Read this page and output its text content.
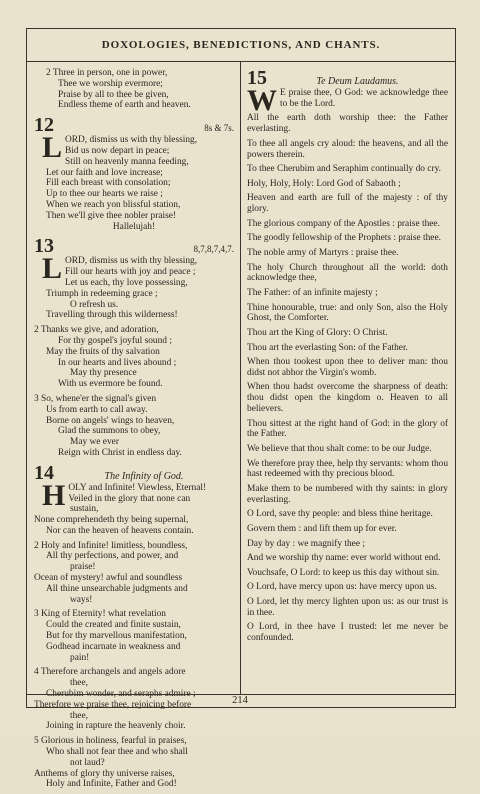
DOXOLOGIES, BENEDICTIONS, AND CHANTS.
2 Three in person, one in power,
Thee we worship evermore;
Praise by all to thee be given,
Endless theme of earth and heaven.
12	8s & 7s.
L ORD, dismiss us with thy blessing,
Bid us now depart in peace;
Still on heavenly manna feeding,
Let our faith and love increase;
Fill each breast with consolation;
Up to thee our hearts we raise ;
When we reach yon blissful station,
Then we'll give thee nobler praise!
Hallelujah!
13	8,7,8,7,4,7.
L ORD, dismiss us with thy blessing,
Fill our hearts with joy and peace ;
Let us each, thy love possessing,
Triumph in redeeming grace ;
O refresh us.
Travelling through this wilderness!
2 Thanks we give, and adoration,
For thy gospel's joyful sound ;
May the fruits of thy salvation
In our hearts and lives abound ;
May thy presence
With us evermore be found.
3 So, whene'er the signal's given
Us from earth to call away.
Borne on angels' wings to heaven,
Glad the summons to obey,
May we ever
Reign with Christ in endless day.
14	The Infinity of God.
H OLY and Infinite! Viewless, Eternal!
Veiled in the glory that none can
sustain,
None comprehendeth thy being supernal,
Nor can the heaven of heavens contain.
2 Holy and Infinite! limitless, boundless,
All thy perfections, and power, and
praise!
Ocean of mystery! awful and soundless
All thine unsearchable judgments and
ways!
3 King of Eternity! what revelation
Could the created and finite sustain,
But for thy marvellous manifestation,
Godhead incarnate in weakness and
pain!
4 Therefore archangels and angels adore
thee,
Cherubim wonder, and seraphs admire ;
Therefore we praise thee, rejoicing before
thee,
Joining in rapture the heavenly choir.
5 Glorious in holiness, fearful in praises,
Who shall not fear thee and who shall
not laud?
Anthems of glory thy universe raises,
Holy and Infinite, Father and God!
15	Te Deum Laudamus.

W E praise thee, O God: we acknowledge thee to be the Lord.

All the earth doth worship thee: the Father everlasting.

To thee all angels cry aloud: the heavens, and all the powers therein.

To thee Cherubim and Seraphim continually do cry.

Holy, Holy, Holy: Lord God of Sabaoth ;

Heaven and earth are full of the majesty : of thy glory.

The glorious company of the Apostles : praise thee.

The goodly fellowship of the Prophets : praise thee.

The noble army of Martyrs : praise thee.

The holy Church throughout all the world: doth acknowledge thee,

The Father: of an infinite majesty ;

Thine honourable, true: and only Son, also the Holy Ghost, the Comforter.

Thou art the King of Glory: O Christ.

Thou art the everlasting Son: of the Father.

When thou tookest upon thee to deliver man: thou didst not abhor the Virgin's womb.

When thou hadst overcome the sharpness of death: thou didst open the kingdom o. Heaven to all believers.

Thou sittest at the right hand of God: in the glory of the Father.

We believe that thou shalt come: to be our Judge.

We therefore pray thee, help thy servants: whom thou hast redeemed with thy precious blood.

Make them to be numbered with thy saints: in glory everlasting.

O Lord, save thy people: and bless thine heritage.

Govern them : and lift them up for ever.

Day by day : we magnify thee ;

And we worship thy name: ever world without end.

Vouchsafe, O Lord: to keep us this day without sin.

O Lord, have mercy upon us: have mercy upon us.

O Lord, let thy mercy lighten upon us: as our trust is in thee.

O Lord, in thee have I trusted: let me never be confounded.

214
